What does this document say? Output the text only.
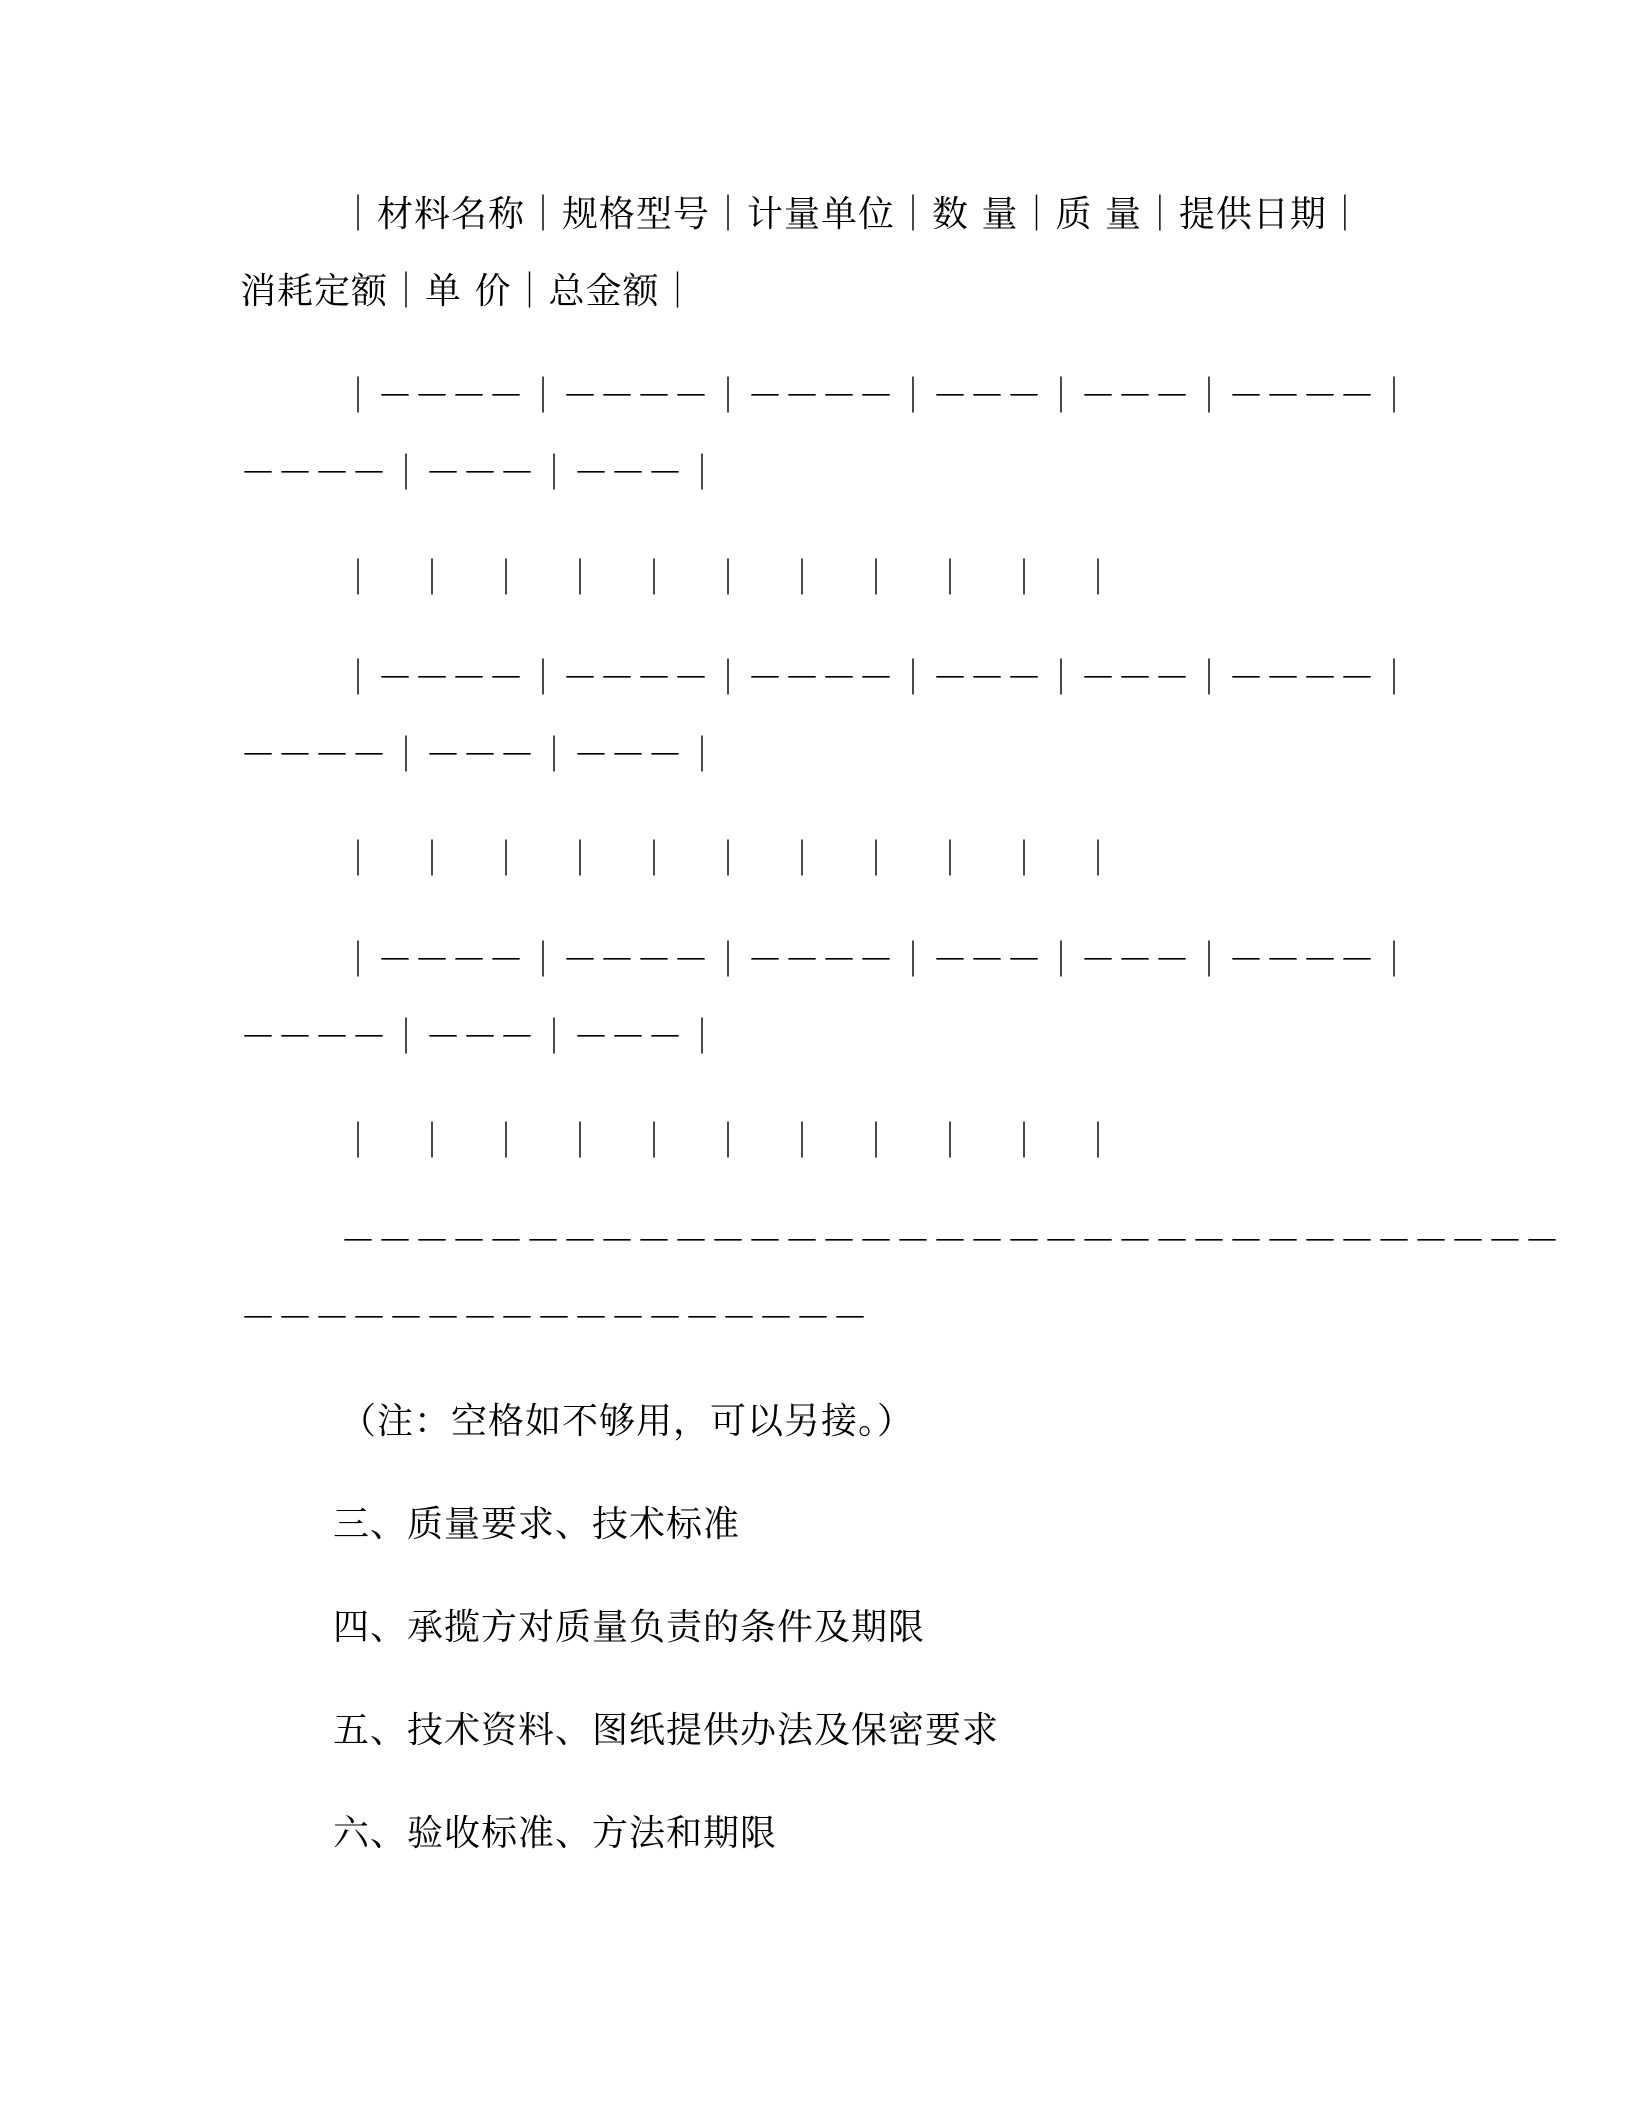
｜材料名称｜规格型号｜计量单位｜数 量｜质 量｜提供日期｜
消耗定额｜单 价｜总金额｜
｜－－－－｜－－－－｜－－－－｜－－－｜－－－｜－－－－｜
－－－－｜－－－｜－－－｜
｜　｜　｜　｜　｜　｜　｜　｜　｜　｜　｜
｜－－－－｜－－－－｜－－－－｜－－－｜－－－｜－－－－｜
－－－－｜－－－｜－－－｜
｜　｜　｜　｜　｜　｜　｜　｜　｜　｜　｜
｜－－－－｜－－－－｜－－－－｜－－－｜－－－｜－－－－｜
－－－－｜－－－｜－－－｜
｜　｜　｜　｜　｜　｜　｜　｜　｜　｜　｜
－－－－－－－－－－－－－－－－－－－－－－－－－－－－－－－－－
－－－－－－－－－－－－－－－－－
（注：空格如不够用，可以另接。）
三、质量要求、技术标准
四、承揽方对质量负责的条件及期限
五、技术资料、图纸提供办法及保密要求
六、验收标准、方法和期限
